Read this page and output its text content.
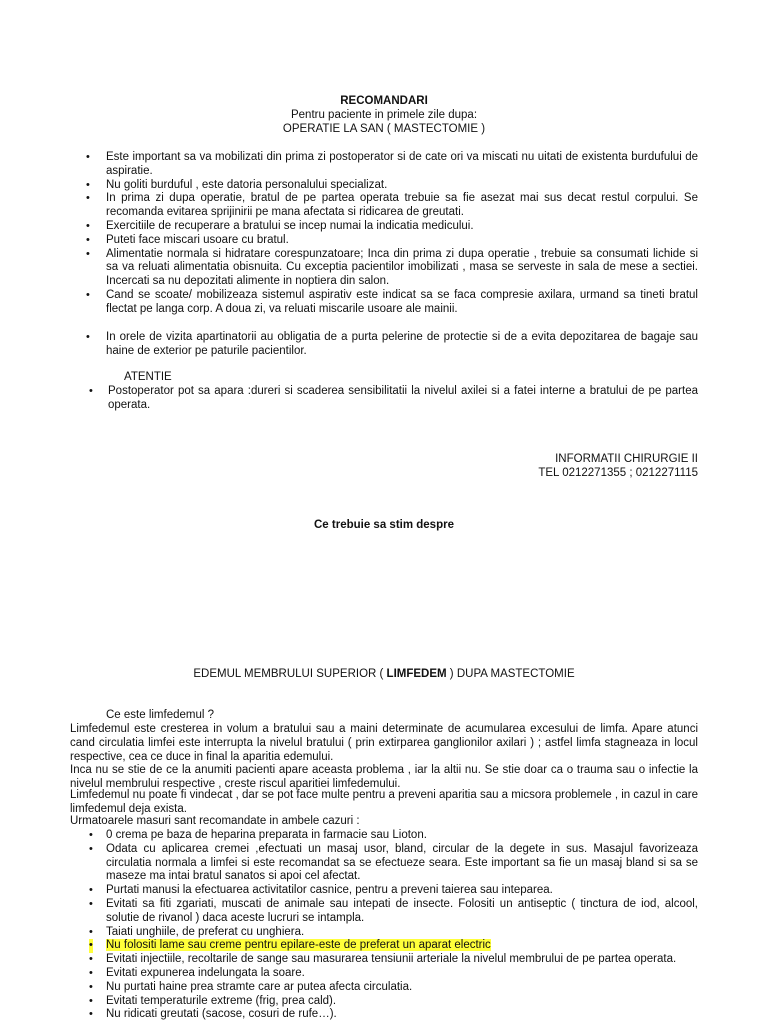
RECOMANDARI
Pentru paciente in primele zile dupa:
OPERATIE LA SAN ( MASTECTOMIE )
• Este important sa va mobilizati din prima zi postoperator si de cate ori va miscati nu uitati de existenta burdufului de aspiratie.
• Nu goliti burduful , este datoria personalului specializat.
• In prima zi dupa operatie, bratul de pe partea operata trebuie sa fie asezat mai sus decat restul corpului. Se recomanda evitarea sprijinirii pe mana afectata si ridicarea de greutati.
• Exercitiile de recuperare a bratului se incep numai la indicatia medicului.
• Puteti face miscari usoare cu bratul.
• Alimentatie normala si hidratare corespunzatoare; Inca din prima zi dupa operatie , trebuie sa consumati lichide si sa va reluati alimentatia obisnuita. Cu exceptia pacientilor imobilizati , masa se serveste in sala de mese a sectiei. Incercati sa nu depozitati alimente in noptiera din salon.
• Cand se scoate/ mobilizeaza sistemul aspirativ este indicat sa se faca compresie axilara, urmand sa tineti bratul flectat pe langa corp. A doua zi, va reluati miscarile usoare ale mainii.
• In orele de vizita apartinatorii au obligatia de a purta pelerine de protectie si de a evita depozitarea de bagaje sau haine de exterior pe paturile pacientilor.
ATENTIE
• Postoperator pot sa apara :dureri si scaderea sensibilitatii la nivelul axilei si a fatei interne a bratului de pe partea operata.
INFORMATII CHIRURGIE II
TEL 0212271355 ; 0212271115
Ce trebuie sa stim despre
EDEMUL MEMBRULUI SUPERIOR ( LIMFEDEM ) DUPA MASTECTOMIE
Ce este limfedemul ?
Limfedemul este cresterea in volum a bratului sau a maini determinate de acumularea excesului de limfa. Apare atunci cand circulatia limfei este interrupta la nivelul bratului ( prin extirparea ganglionilor axilari ) ; astfel limfa stagneaza in locul respective, cea ce duce in final la aparitia edemului.
Inca nu se stie de ce la anumiti pacienti apare aceasta problema , iar la altii nu. Se stie doar ca o trauma sau o infectie la nivelul membrului respective , creste riscul aparitiei limfedemului.
Limfedemul nu poate fi vindecat , dar se pot face multe pentru a preveni aparitia sau a micsora problemele , in cazul in care limfedemul deja exista.
Urmatoarele masuri sant recomandate in ambele cazuri :
• 0 crema pe baza de heparina preparata in farmacie sau Lioton.
• Odata cu aplicarea cremei ,efectuati un masaj usor, bland, circular de la degete in sus. Masajul favorizeaza circulatia normala a limfei si este recomandat sa se efectueze seara. Este important sa fie un masaj bland si sa se maseze ma intai bratul sanatos si apoi cel afectat.
• Purtati manusi la efectuarea activitatilor casnice, pentru a preveni taierea sau inteparea.
• Evitati sa fiti zgariati, muscati de animale sau intepati de insecte. Folositi un antiseptic ( tinctura de iod, alcool, solutie de rivanol ) daca aceste lucruri se intampla.
• Taiati unghiile, de preferat cu unghiera.
• Nu folositi lame sau creme pentru epilare-este de preferat un aparat electric
• Evitati injectiile, recoltarile de sange sau masurarea tensiunii arteriale la nivelul membrului de pe partea operata.
• Evitati expunerea indelungata la soare.
• Nu purtati haine prea stramte care ar putea afecta circulatia.
• Evitati temperaturile extreme (frig, prea cald).
• Nu ridicati greutati (sacose, cosuri de rufe…).
